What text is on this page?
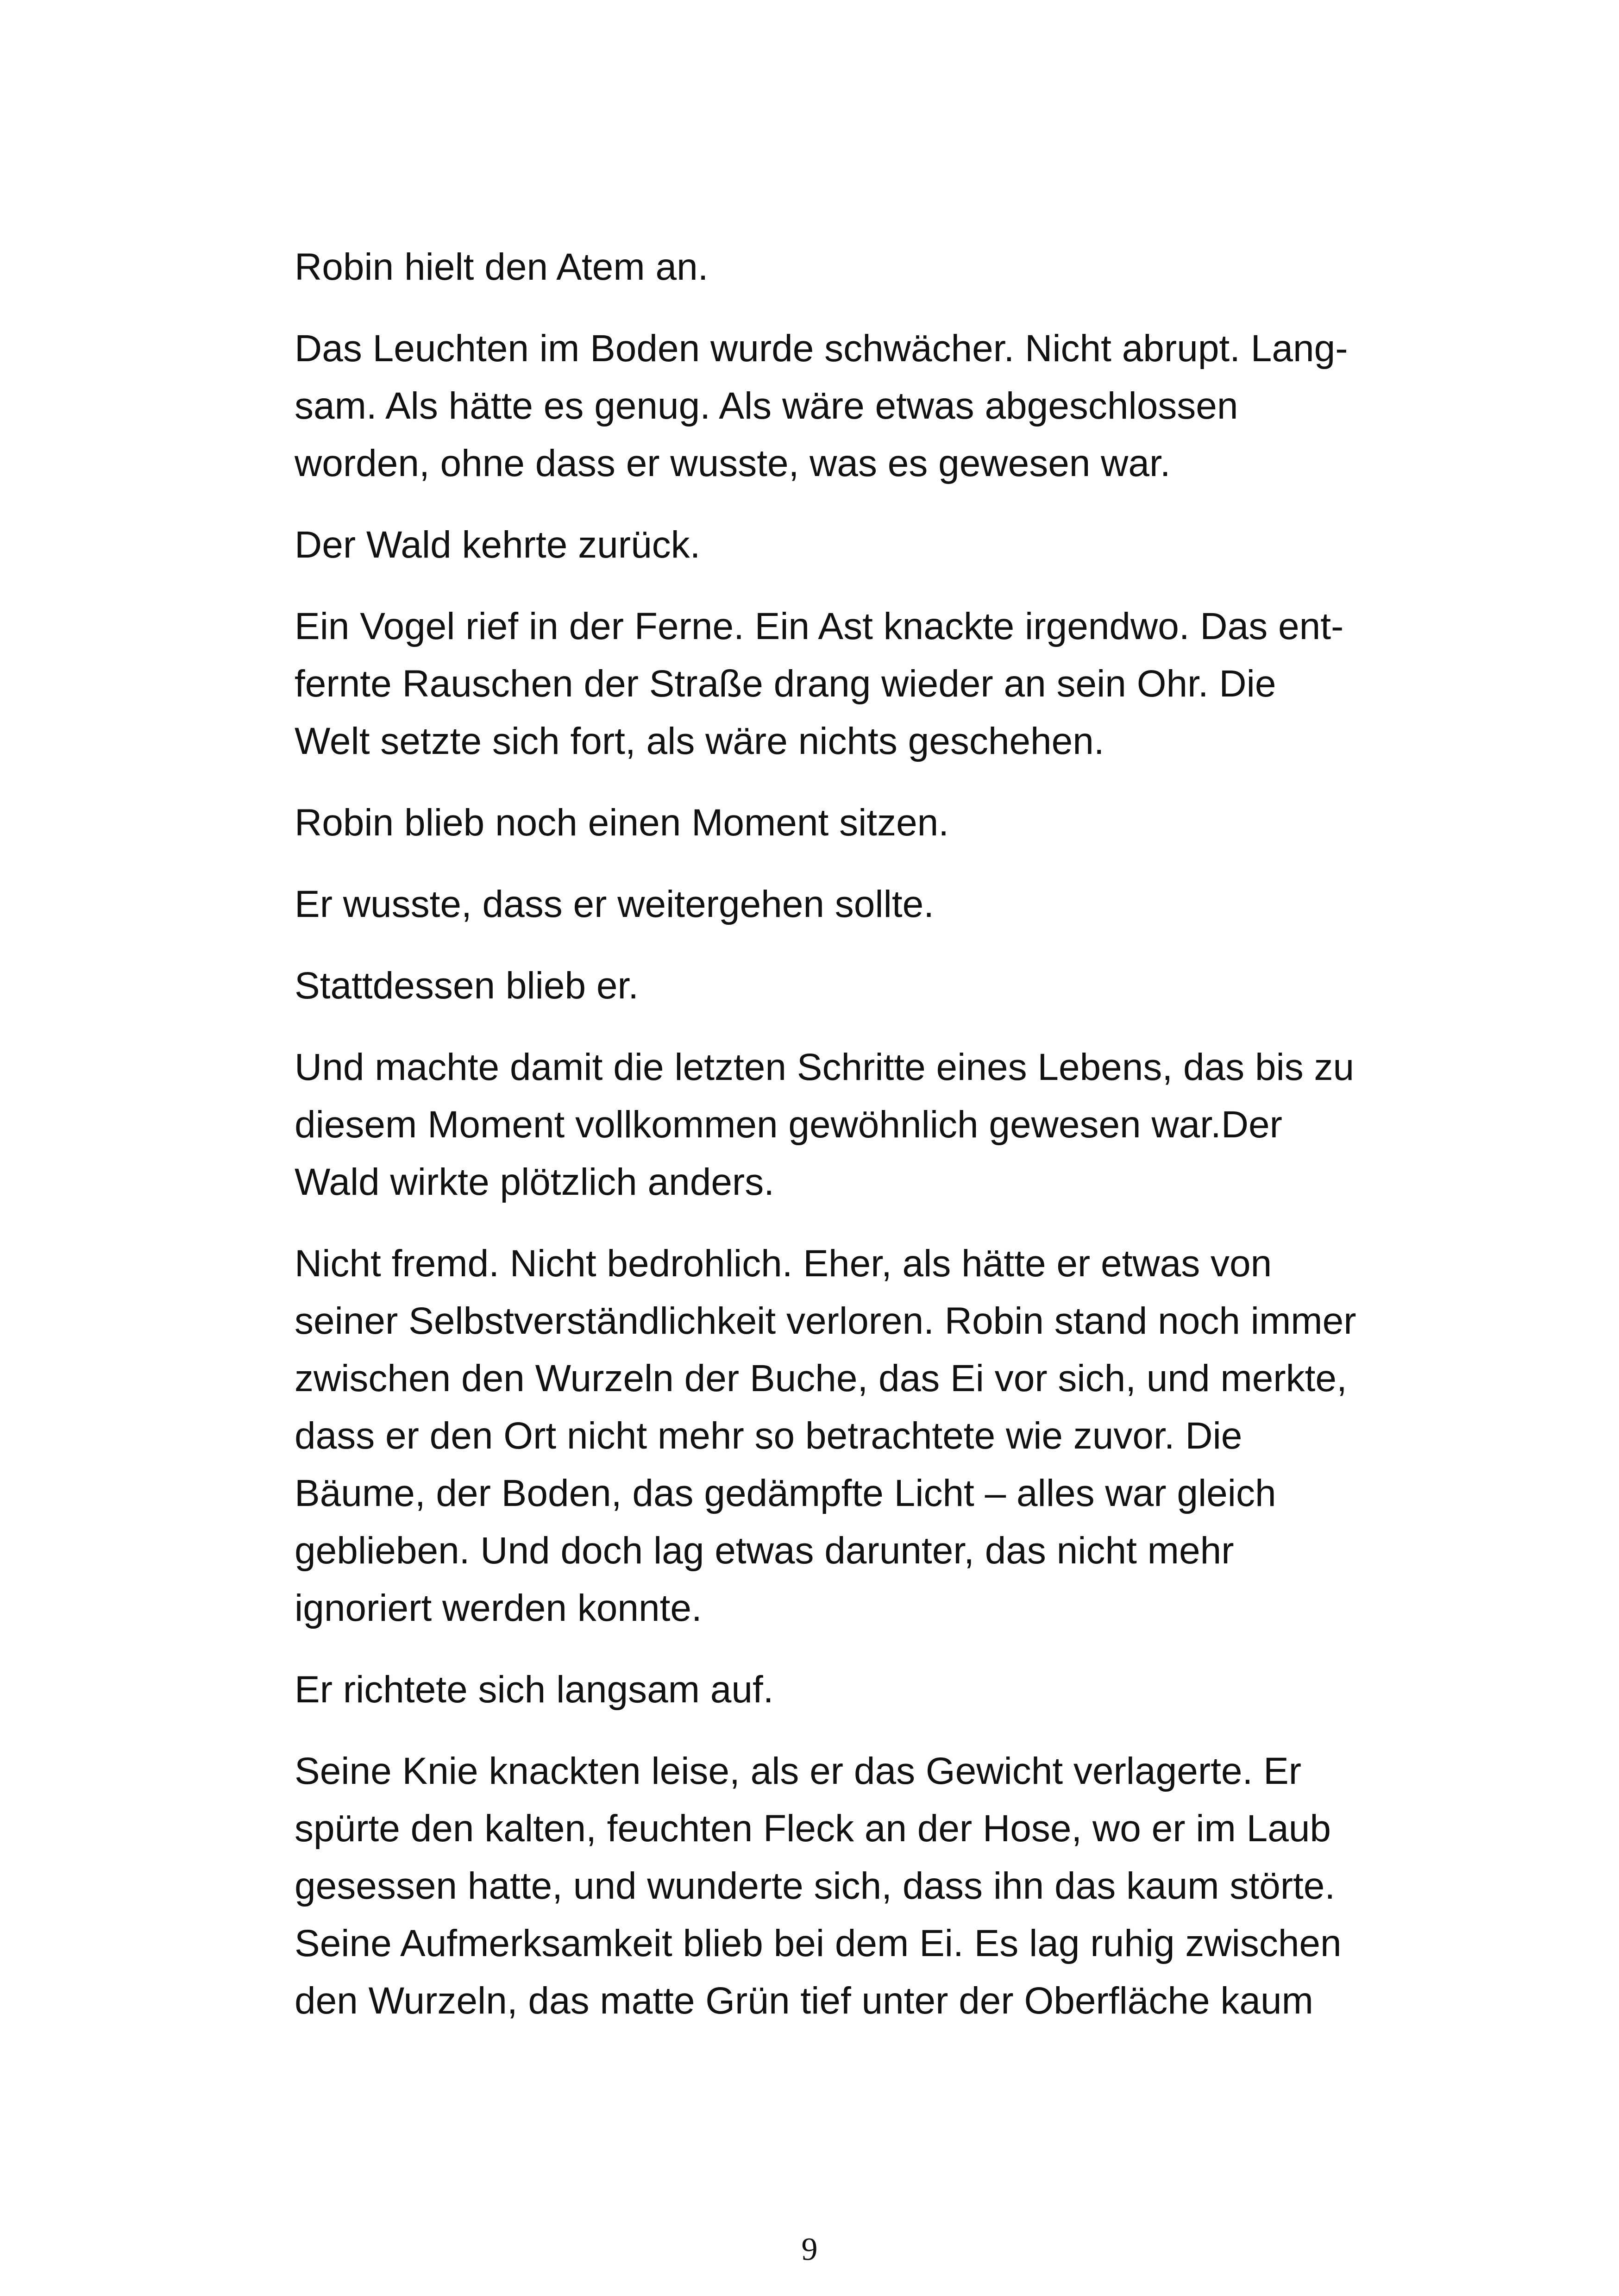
Robin hielt den Atem an.

Das Leuchten im Boden wurde schwächer. Nicht abrupt. Lang-
sam. Als hätte es genug. Als wäre etwas abgeschlossen
worden, ohne dass er wusste, was es gewesen war.

Der Wald kehrte zurück.

Ein Vogel rief in der Ferne. Ein Ast knackte irgendwo. Das ent-
fernte Rauschen der Straße drang wieder an sein Ohr. Die
Welt setzte sich fort, als wäre nichts geschehen.

Robin blieb noch einen Moment sitzen.

Er wusste, dass er weitergehen sollte.

Stattdessen blieb er.

Und machte damit die letzten Schritte eines Lebens, das bis zu
diesem Moment vollkommen gewöhnlich gewesen war.Der
Wald wirkte plötzlich anders.

Nicht fremd. Nicht bedrohlich. Eher, als hätte er etwas von
seiner Selbstverständlichkeit verloren. Robin stand noch immer
zwischen den Wurzeln der Buche, das Ei vor sich, und merkte,
dass er den Ort nicht mehr so betrachtete wie zuvor. Die
Bäume, der Boden, das gedämpfte Licht – alles war gleich
geblieben. Und doch lag etwas darunter, das nicht mehr
ignoriert werden konnte.

Er richtete sich langsam auf.

Seine Knie knackten leise, als er das Gewicht verlagerte. Er
spürte den kalten, feuchten Fleck an der Hose, wo er im Laub
gesessen hatte, und wunderte sich, dass ihn das kaum störte.
Seine Aufmerksamkeit blieb bei dem Ei. Es lag ruhig zwischen
den Wurzeln, das matte Grün tief unter der Oberfläche kaum

9
